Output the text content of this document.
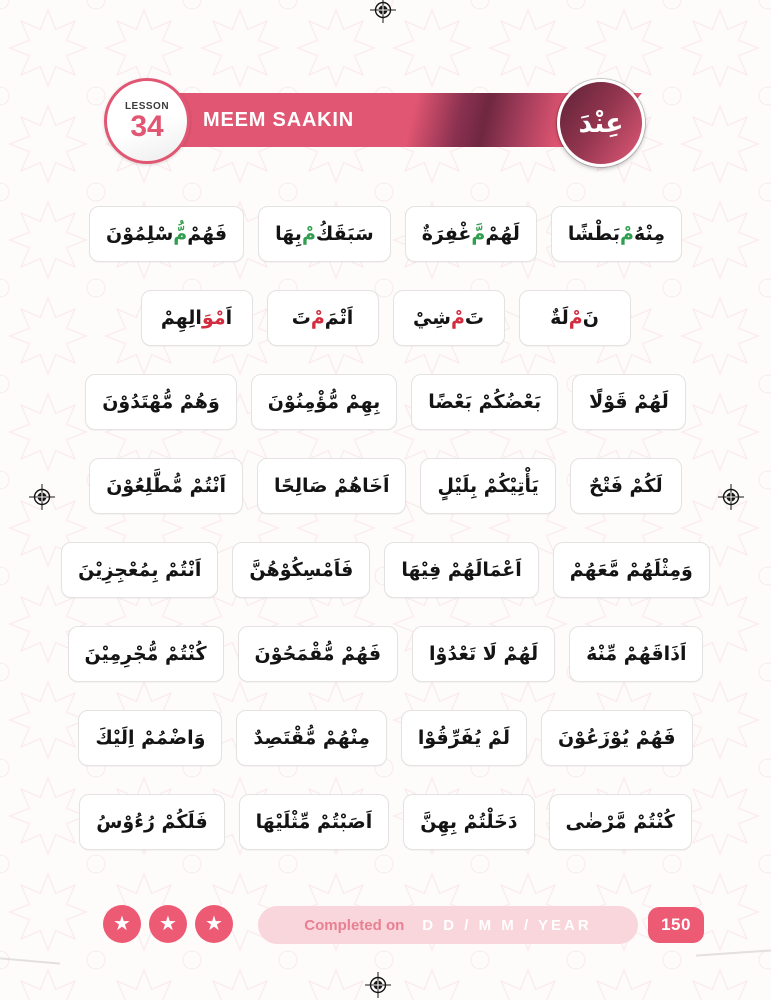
MEEM SAAKIN
LESSON
34	عِنْدَ
مِنْهُ
مْ
بَطْشًا
لَهُمْ
مَّ
غْفِرَةٌ
سَبَقَكُ
مْ
بِهَا
فَهُمْ
مُّ
سْلِمُوْنَ
نَ
مْ
لَةٌ
تَ
مْ
شِيْ
اَتْمَ
مْ
تَ
اَ
مْوَ
الِهِمْ
لَهُمْ قَوْلًا
بَعْضُكُمْ بَعْضًا
بِهِمْ مُّؤْمِنُوْنَ
وَهُمْ مُّهْتَدُوْنَ
لَكُمْ فَتْحٌ
يَأْتِيْكُمْ بِلَيْلٍ
اَخَاهُمْ صَالِحًا
اَنْتُمْ مُّطَّلِعُوْنَ
وَمِثْلَهُمْ مَّعَهُمْ
اَعْمَالَهُمْ فِيْهَا
فَاَمْسِكُوْهُنَّ
اَنْتُمْ بِمُعْجِزِيْنَ
اَذَاقَهُمْ مِّنْهُ
لَهُمْ لَا تَعْدُوْا
فَهُمْ مُّقْمَحُوْنَ
كُنْتُمْ مُّجْرِمِيْنَ
فَهُمْ يُوْزَعُوْنَ
لَمْ يُفَرِّقُوْا
مِنْهُمْ مُّقْتَصِدٌ
وَاضْمُمْ اِلَيْكَ
كُنْتُمْ مَّرْضٰى
دَخَلْتُمْ بِهِنَّ
اَصَبْتُمْ مِّثْلَيْهَا
فَلَكُمْ رُءُوْسُ
★ ★ ★	Completed on D D / M M / YEAR	150
